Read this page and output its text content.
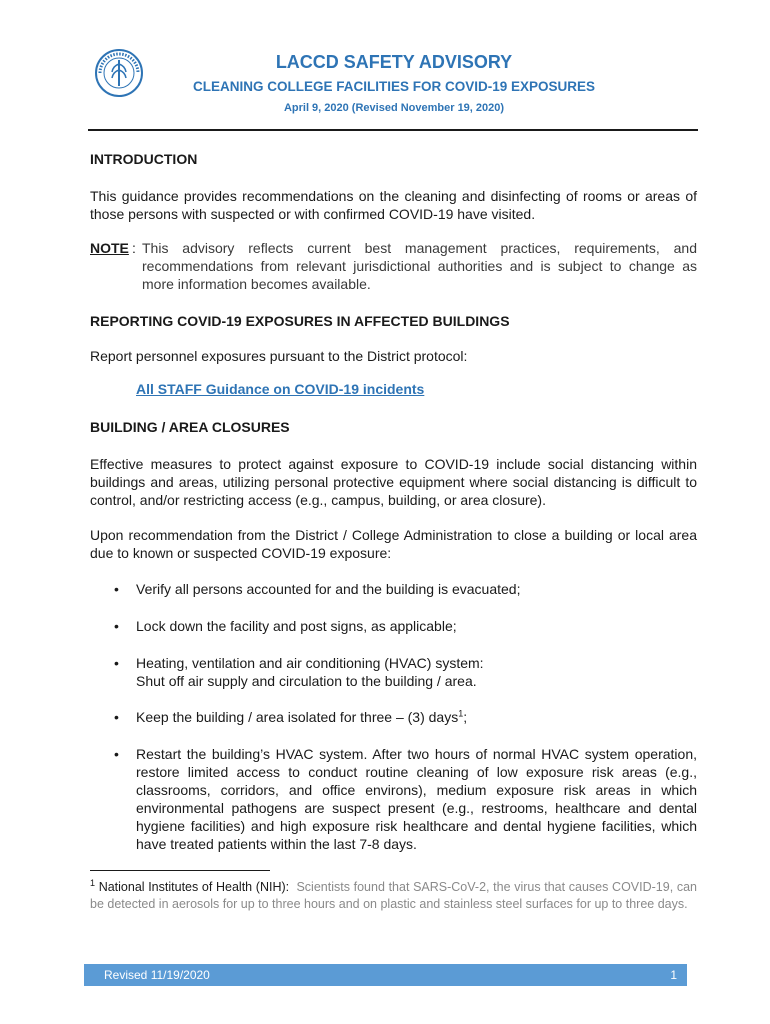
LACCD SAFETY ADVISORY
CLEANING COLLEGE FACILITIES FOR COVID-19 EXPOSURES
April 9, 2020 (Revised November 19, 2020)
INTRODUCTION
This guidance provides recommendations on the cleaning and disinfecting of rooms or areas of those persons with suspected or with confirmed COVID-19 have visited.
NOTE : This advisory reflects current best management practices, requirements, and recommendations from relevant jurisdictional authorities and is subject to change as more information becomes available.
REPORTING COVID-19 EXPOSURES IN AFFECTED BUILDINGS
Report personnel exposures pursuant to the District protocol:
All STAFF Guidance on COVID-19 incidents
BUILDING / AREA CLOSURES
Effective measures to protect against exposure to COVID-19 include social distancing within buildings and areas, utilizing personal protective equipment where social distancing is difficult to control, and/or restricting access (e.g., campus, building, or area closure).
Upon recommendation from the District / College Administration to close a building or local area due to known or suspected COVID-19 exposure:
• Verify all persons accounted for and the building is evacuated;
• Lock down the facility and post signs, as applicable;
• Heating, ventilation and air conditioning (HVAC) system:
Shut off air supply and circulation to the building / area.
• Keep the building / area isolated for three – (3) days$^1$;
• Restart the building’s HVAC system. After two hours of normal HVAC system operation, restore limited access to conduct routine cleaning of low exposure risk areas (e.g., classrooms, corridors, and office environs), medium exposure risk areas in which environmental pathogens are suspect present (e.g., restrooms, healthcare and dental hygiene facilities) and high exposure risk healthcare and dental hygiene facilities, which have treated patients within the last 7-8 days.
$^1$ National Institutes of Health (NIH): Scientists found that SARS-CoV-2, the virus that causes COVID-19, can be detected in aerosols for up to three hours and on plastic and stainless steel surfaces for up to three days.
Revised 11/19/2020	1
